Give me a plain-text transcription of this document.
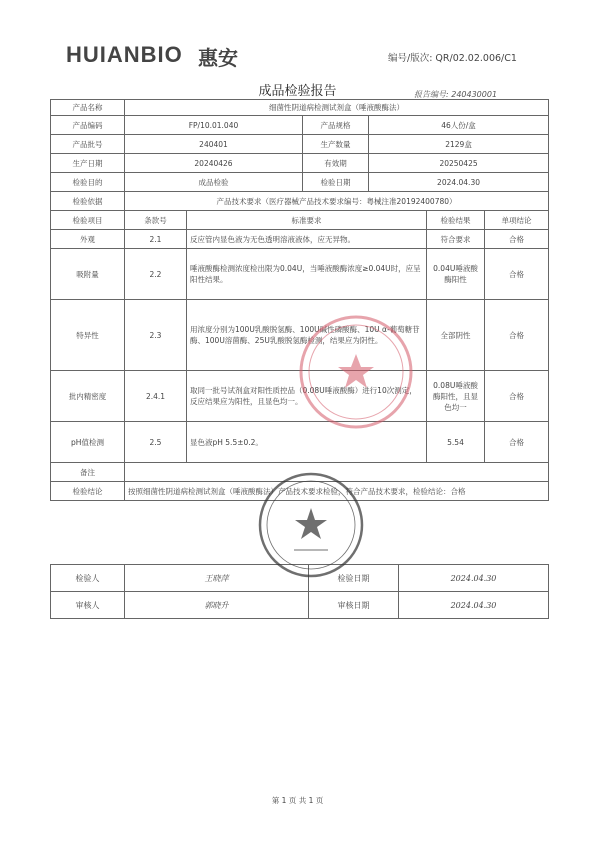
HUIANBIO 惠安	编号/版次: QR/02.02.006/C1
成品检验报告	报告编号: 240430001
产品名称	细菌性阴道病检测试剂盒（唾液酸酶法）					
产品编码	FP/10.01.040		产品规格	46人份/盒		
产品批号	240401		生产数量	2129盒		
生产日期	20240426		有效期	20250425		
检验目的	成品检验		检验日期	2024.04.30		
检验依据	产品技术要求（医疗器械产品技术要求编号：粤械注准20192400780）					
检验项目	条款号	标准要求			检验结果	单项结论
外观	2.1	反应管内显色液为无色透明溶液液体，应无异物。			符合要求	合格
吸附量	2.2	唾液酸酶检测浓度检出限为0.04U，当唾液酸酶浓度≥0.04U时，应呈阳性结果。			0.04U唾液酸酶阳性	合格
特异性	2.3	用浓度分别为100U乳酸脱氢酶、100U碱性磷酸酶、10U α-葡萄糖苷酶、100U溶菌酶、25U乳酸脱氢酶检测，结果应为阴性。			全部阴性	合格
批内精密度	2.4.1	取同一批号试剂盒对阳性质控品（0.08U唾液酸酶）进行10次测定，反应结果应为阳性，且显色均一。			0.08U唾液酸酶阳性，且显色均一	合格
pH值检测	2.5	显色液pH 5.5±0.2。			5.54	合格
备注						
检验结论	按照细菌性阴道病检测试剂盒（唾液酸酶法）产品技术要求检验，符合产品技术要求，检验结论：合格					
检验人	王晓萍	检验日期	2024.04.30
审核人	郭晓升	审核日期	2024.04.30
第 1 页 共 1 页
